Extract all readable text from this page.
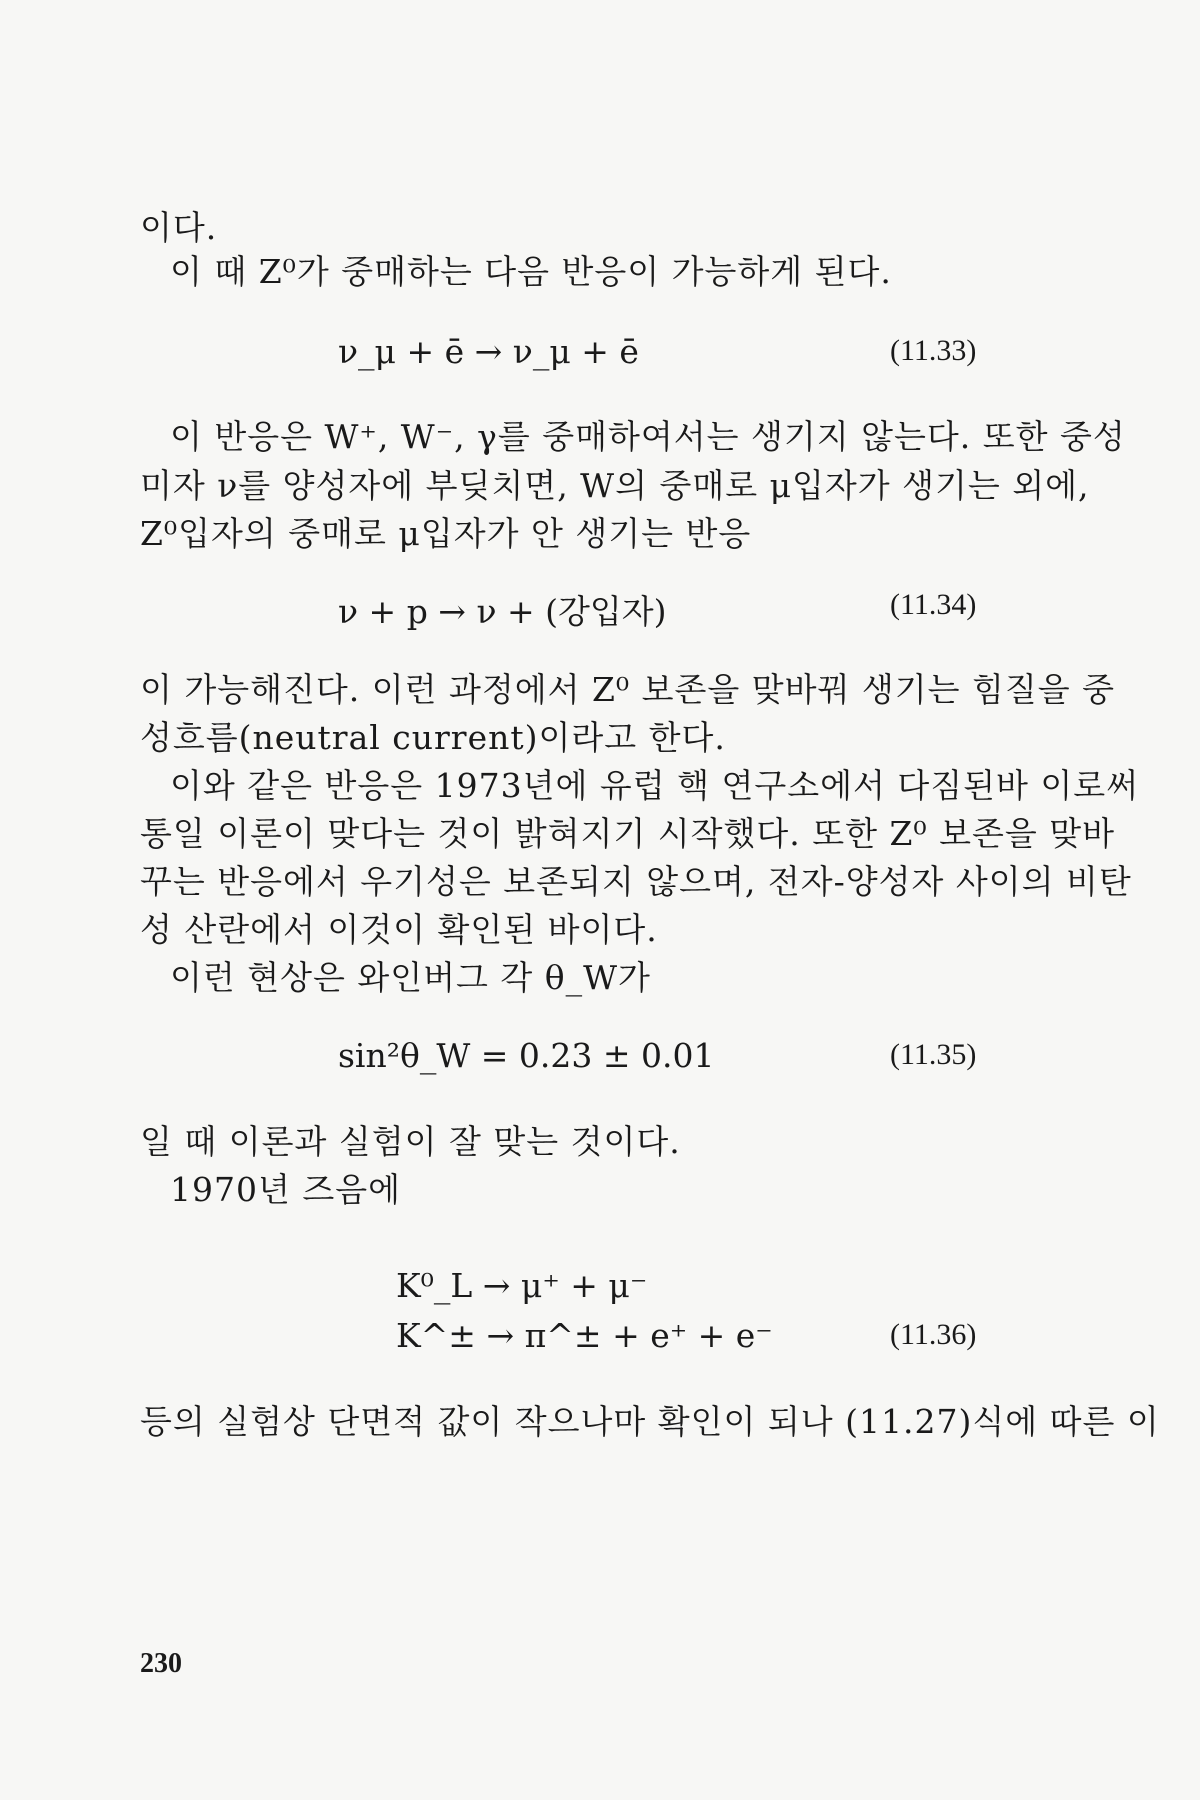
이다.
이 때 Z⁰가 중매하는 다음 반응이 가능하게 된다.
ν_μ + ē → ν_μ + ē	(11.33)
이 반응은 W⁺, W⁻, γ를 중매하여서는 생기지 않는다. 또한 중성
미자 ν를 양성자에 부딪치면, W의 중매로 μ입자가 생기는 외에,
Z⁰입자의 중매로 μ입자가 안 생기는 반응
ν + p → ν + (강입자)	(11.34)
이 가능해진다. 이런 과정에서 Z⁰ 보존을 맞바꿔 생기는 힘질을 중
성흐름(neutral current)이라고 한다.
이와 같은 반응은 1973년에 유럽 핵 연구소에서 다짐된바 이로써
통일 이론이 맞다는 것이 밝혀지기 시작했다. 또한 Z⁰ 보존을 맞바
꾸는 반응에서 우기성은 보존되지 않으며, 전자-양성자 사이의 비탄
성 산란에서 이것이 확인된 바이다.
이런 현상은 와인버그 각 θ_W가
sin²θ_W = 0.23 ± 0.01	(11.35)
일 때 이론과 실험이 잘 맞는 것이다.
1970년 즈음에
K⁰_L → μ⁺ + μ⁻
K^± → π^± + e⁺ + e⁻	(11.36)
등의 실험상 단면적 값이 작으나마 확인이 되나 (11.27)식에 따른 이
230
